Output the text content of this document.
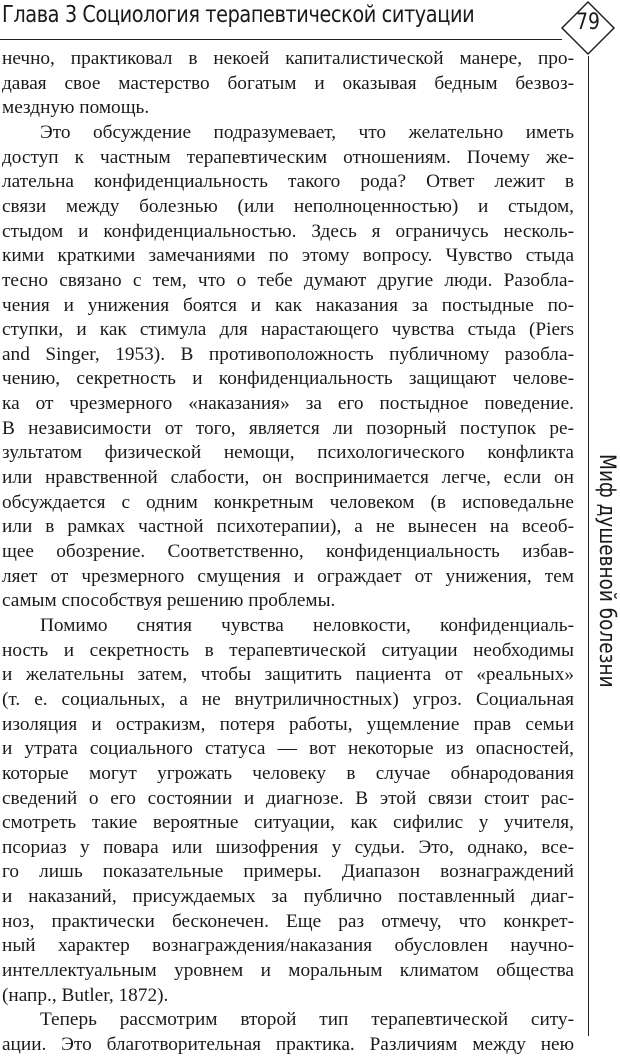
Глава 3 Социология терапевтической ситуации	79
Миф душевной болезни
нечно, практиковал в некоей капиталистической манере, про-
давая свое мастерство богатым и оказывая бедным безвоз-
мездную помощь.
Это обсуждение подразумевает, что желательно иметь
доступ к частным терапевтическим отношениям. Почему же-
лательна конфиденциальность такого рода? Ответ лежит в
связи между болезнью (или неполноценностью) и стыдом,
стыдом и конфиденциальностью. Здесь я ограничусь несколь-
кими краткими замечаниями по этому вопросу. Чувство стыда
тесно связано с тем, что о тебе думают другие люди. Разобла-
чения и унижения боятся и как наказания за постыдные по-
ступки, и как стимула для нарастающего чувства стыда (Piers
and Singer, 1953). В противоположность публичному разобла-
чению, секретность и конфиденциальность защищают челове-
ка от чрезмерного «наказания» за его постыдное поведение.
В независимости от того, является ли позорный поступок ре-
зультатом физической немощи, психологического конфликта
или нравственной слабости, он воспринимается легче, если он
обсуждается с одним конкретным человеком (в исповедальне
или в рамках частной психотерапии), а не вынесен на всеоб-
щее обозрение. Соответственно, конфиденциальность избав-
ляет от чрезмерного смущения и ограждает от унижения, тем
самым способствуя решению проблемы.
Помимо снятия чувства неловкости, конфиденциаль-
ность и секретность в терапевтической ситуации необходимы
и желательны затем, чтобы защитить пациента от «реальных»
(т. е. социальных, а не внутриличностных) угроз. Социальная
изоляция и остракизм, потеря работы, ущемление прав семьи
и утрата социального статуса — вот некоторые из опасностей,
которые могут угрожать человеку в случае обнародования
сведений о его состоянии и диагнозе. В этой связи стоит рас-
смотреть такие вероятные ситуации, как сифилис у учителя,
псориаз у повара или шизофрения у судьи. Это, однако, все-
го лишь показательные примеры. Диапазон вознаграждений
и наказаний, присуждаемых за публично поставленный диаг-
ноз, практически бесконечен. Еще раз отмечу, что конкрет-
ный характер вознаграждения/наказания обусловлен научно-
интеллектуальным уровнем и моральным климатом общества
(напр., Butler, 1872).
Теперь рассмотрим второй тип терапевтической ситу-
ации. Это благотворительная практика. Различиям между нею
